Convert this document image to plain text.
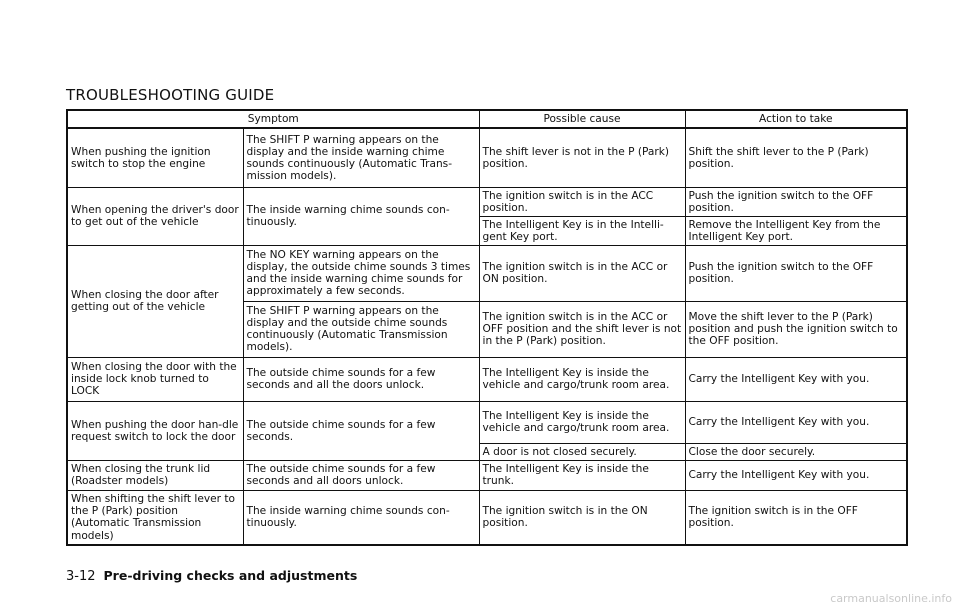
TROUBLESHOOTING GUIDE
Symptom		Possible cause	Action to take
When pushing the ignition switch to stop the engine	The SHIFT P warning appears on the display and the inside warning chime sounds continuously (Automatic Trans-mission models).	The shift lever is not in the P (Park) position.	Shift the shift lever to the P (Park) position.
When opening the driver's door to get out of the vehicle	The inside warning chime sounds con-tinuously.	The ignition switch is in the ACC position.	Push the ignition switch to the OFF position.
		The Intelligent Key is in the Intelli-gent Key port.	Remove the Intelligent Key from the Intelligent Key port.
When closing the door after getting out of the vehicle	The NO KEY warning appears on the display, the outside chime sounds 3 times and the inside warning chime sounds for approximately a few seconds.	The ignition switch is in the ACC or ON position.	Push the ignition switch to the OFF position.
	The SHIFT P warning appears on the display and the outside chime sounds continuously (Automatic Transmission models).	The ignition switch is in the ACC or OFF position and the shift lever is not in the P (Park) position.	Move the shift lever to the P (Park) position and push the ignition switch to the OFF position.
When closing the door with the inside lock knob turned to LOCK	The outside chime sounds for a few seconds and all the doors unlock.	The Intelligent Key is inside the vehicle and cargo/trunk room area.	Carry the Intelligent Key with you.
When pushing the door han-dle request switch to lock the door	The outside chime sounds for a few seconds.	The Intelligent Key is inside the vehicle and cargo/trunk room area.	Carry the Intelligent Key with you.
		A door is not closed securely.	Close the door securely.
When closing the trunk lid (Roadster models)	The outside chime sounds for a few seconds and all doors unlock.	The Intelligent Key is inside the trunk.	Carry the Intelligent Key with you.
When shifting the shift lever to the P (Park) position (Automatic Transmission models)	The inside warning chime sounds con-tinuously.	The ignition switch is in the ON position.	The ignition switch is in the OFF position.
3-12 Pre-driving checks and adjustments
carmanualsonline.info
